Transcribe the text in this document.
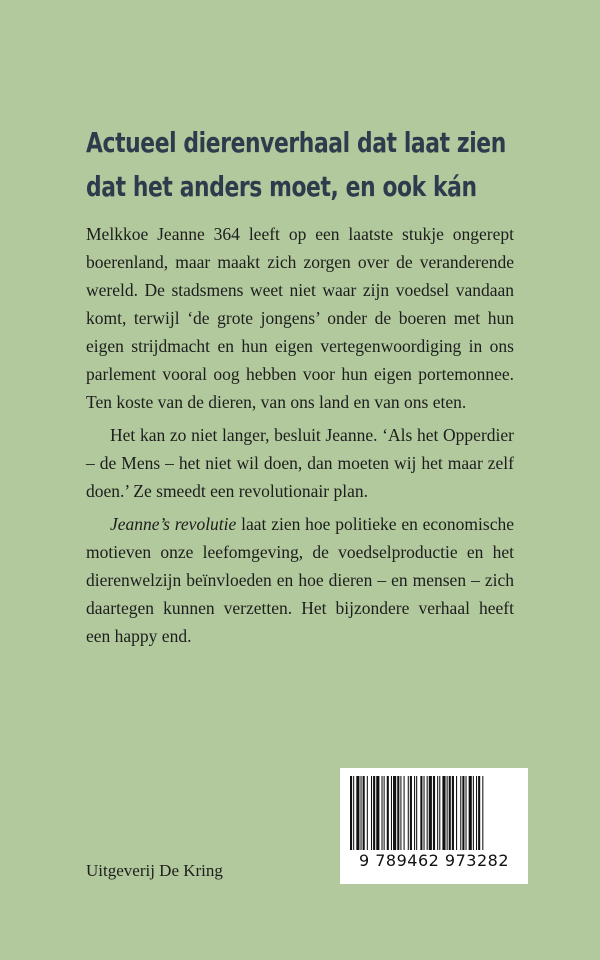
Actueel dierenverhaal dat laat zien
dat het anders moet, en ook kán

Melkkoe Jeanne 364 leeft op een laatste stukje ongerept boerenland, maar maakt zich zorgen over de veranderende wereld. De stadsmens weet niet waar zijn voedsel vandaan komt, terwijl ‘de grote jongens’ onder de boeren met hun eigen strijdmacht en hun eigen vertegenwoordiging in ons parlement vooral oog hebben voor hun eigen portemonnee. Ten koste van de dieren, van ons land en van ons eten.

Het kan zo niet langer, besluit Jeanne. ‘Als het Opperdier – de Mens – het niet wil doen, dan moeten wij het maar zelf doen.’ Ze smeedt een revolutionair plan.

Jeanne’s revolutie laat zien hoe politieke en economische motieven onze leefomgeving, de voedselproductie en het dierenwelzijn beïnvloeden en hoe dieren – en mensen – zich daartegen kunnen verzetten. Het bijzondere verhaal heeft een happy end.

Uitgeverij De Kring
9 789462 973282
